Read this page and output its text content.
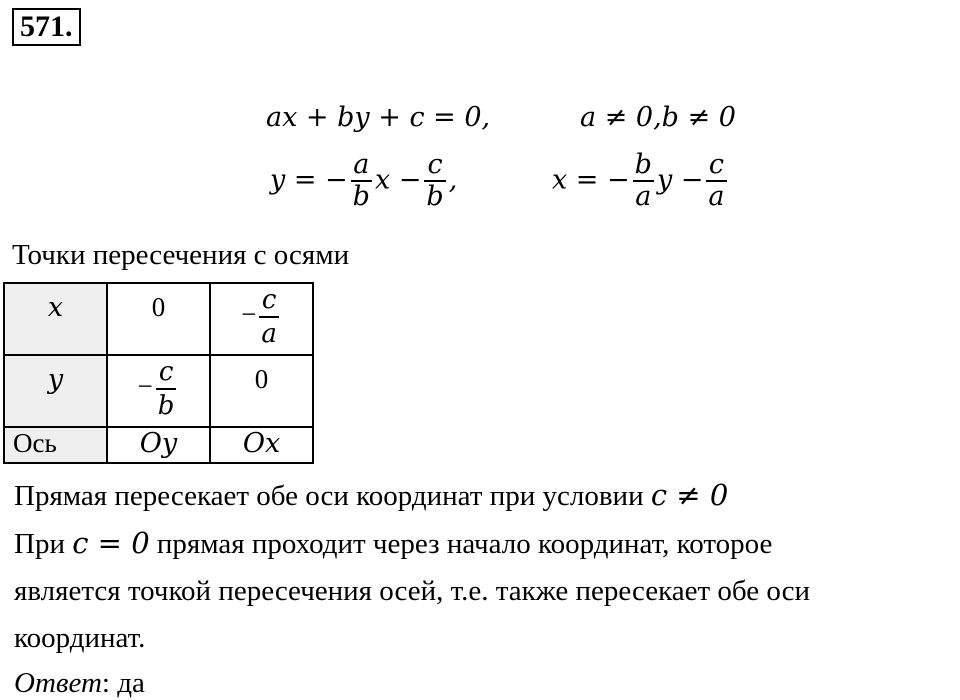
571.
ax + by + c = 0,	a ≠ 0,b ≠ 0
y = − $\frac{a}{b}$ $x - \frac{c}{b}$ ,	x = − $\frac{b}{a}$ $y - \frac{c}{a}$
Точки пересечения с осями
x	0	− $\frac{c}{a}$

y	− $\frac{c}{b}$	0
Ось	Oy	Ox
Прямая пересекает обе оси координат при условии c ≠ 0
При c = 0 прямая проходит через начало координат, которое
является точкой пересечения осей, т.е. также пересекает обе оси
координат.
Ответ: да
